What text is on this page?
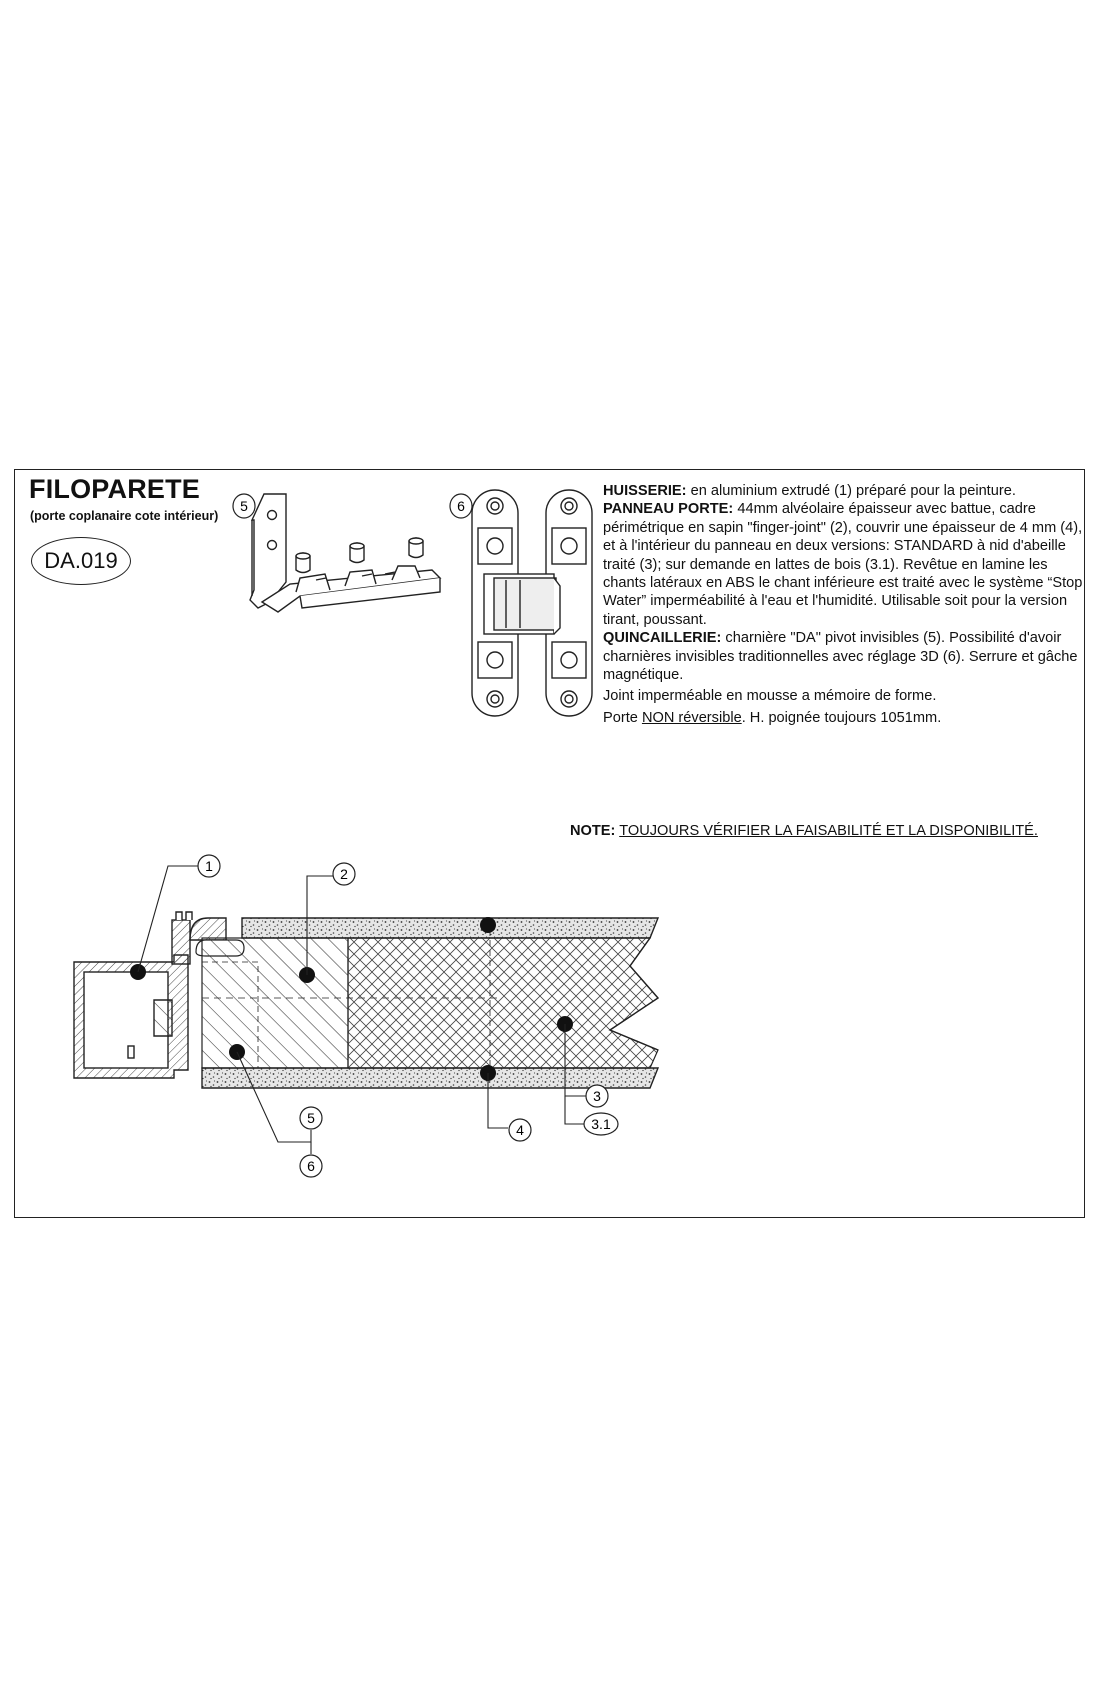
FILOPARETE
(porte coplanaire cote intérieur)
DA.019

HUISSERIE: en aluminium extrudé (1) préparé pour la peinture.

PANNEAU PORTE: 44mm alvéolaire épaisseur avec battue, cadre périmétrique en sapin "finger-joint" (2), couvrir une épaisseur de 4 mm (4), et à l'intérieur du panneau en deux versions: STANDARD à nid d'abeille traité (3); sur demande en lattes de bois (3.1). Revêtue en lamine les chants latéraux en ABS le chant inférieure est traité avec le système “Stop Water” imperméabilité à l'eau et l'humidité. Utilisable soit pour la version tirant, poussant.

QUINCAILLERIE: charnière "DA" pivot invisibles (5). Possibilité d'avoir charnières invisibles traditionnelles avec réglage 3D (6). Serrure et gâche magnétique.

Joint imperméable en mousse a mémoire de forme.

Porte NON réversible. H. poignée toujours 1051mm.

NOTE: TOUJOURS VÉRIFIER LA FAISABILITÉ ET LA DISPONIBILITÉ.
5	6
1	2
3
3.1
4
5
6
